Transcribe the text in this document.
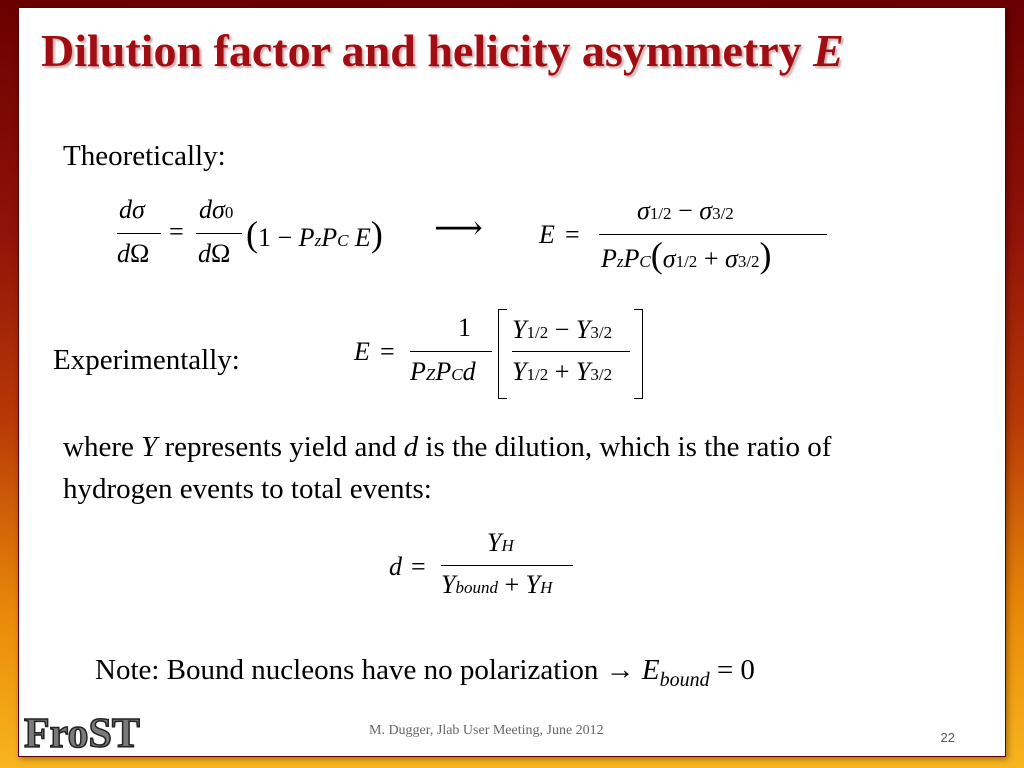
Dilution factor and helicity asymmetry E
Theoretically:
dσ
dΩ
=
dσ0
dΩ (1 − PzPC E) ⟶ E =
σ1/2 − σ3/2
PzPC(σ1/2 + σ3/2)
Experimentally:	E =
1
PZPCd
Y1/2 − Y3/2
Y1/2 + Y3/2
where Y represents yield and d is the dilution, which is the ratio of hydrogen events to total events:
d =
YH
Ybound + YH
Note: Bound nucleons have no polarization → $E_{bound} = 0$
FroST	M. Dugger, Jlab User Meeting, June 2012	22
